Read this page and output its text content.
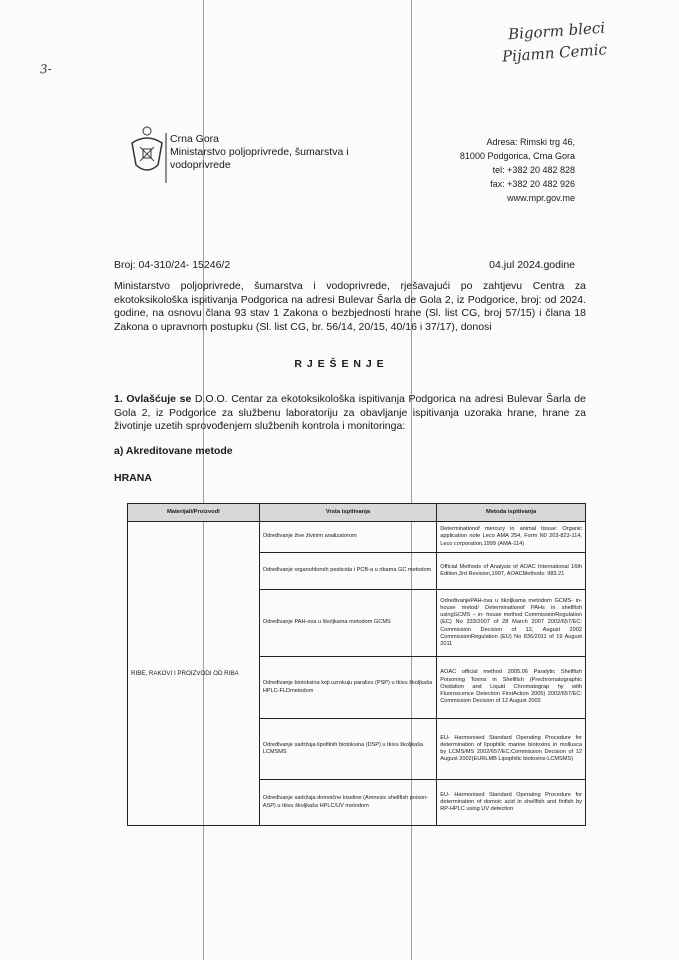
3-
Bigorm bleci
Pijamn Cemic
Crna Gora
Ministarstvo poljoprivrede, šumarstva i
vodoprivrede
Adresa: Rimski trg 46,
81000 Podgorica, Crna Gora
tel: +382 20 482 828
fax: +382 20 482 926
www.mpr.gov.me
Broj: 04-310/24- 15246/2	04.jul 2024.godine
Ministarstvo poljoprivrede, šumarstva i vodoprivrede, rješavajući po zahtjevu Centra za ekotoksikološka ispitivanja Podgorica na adresi Bulevar Šarla de Gola 2, iz Podgorice, broj: od 2024. godine, na osnovu člana 93 stav 1 Zakona o bezbjednosti hrane (Sl. list CG, broj 57/15) i člana 18 Zakona o upravnom postupku (Sl. list CG, br. 56/14, 20/15, 40/16 i 37/17), donosi
R J E Š E N J E
1. Ovlašćuje se D.O.O. Centar za ekotoksikološka ispitivanja Podgorica na adresi Bulevar Šarla de Gola 2, iz Podgorice za službenu laboratoriju za obavljanje ispitivanja uzoraka hrane, hrane za životinje uzetih sprovođenjem službenih kontrola i monitoringa:
a) Akreditovane metode
HRANA
Materijali/Proizvodi	Vrsta ispitivanja	Metoda ispitivanja
RIBE, RAKOVI I PROIZVODI OD RIBA	Određivanje žive živinim analizatorom	Determinationof mercury in animal tissue: Organic application note Leco AMA 254, Form N0 203-823-114, Leco corporation,1999 (AMA-114)
	Određivanje organohlornih pesticida i PCB-a u ribama GC metodom	Official Methods of Analysis of AOAC International 16th Edition,3rd Revision,1997, AOACMethods: 983.21
	Određivanje PAH-ova u školjkama metodom GCMS	OdređivanjePAH-ova u školjkama metodom GCMS- in- house metod/ Determinationof PAHs in shellfish usingGCMS – in- house method CommissionRegulation (EC) No 333/2007 of 28 March 2007 2002/657/EC: Commission Decision of 12, August 2002 CommissionRegulation (EU) No 836/2011 of 19 August 2011
	Određivanje biotoksina koji uzrokuju paralizu (PSP) u tkivu školjkaša HPLC-FLDmetodom	AOAC official method 2005.06 Paralytic Shellfish Poisoning Toxins in Shellfish (Prechromatographic Oxidation and Liquid Chromatograp hy with Fluoroscence Detection FirstAction 2005) 2002/657/EC: Commission Decision of 12 August 2002
	Određivanje sadržaja lipofilnih biotoksina (DSP) u tkivu školjkaša LCMSMS	EU- Harmonised Standard Operating Procedure for determination of lipophilic marine biotoxins in mollusca by LCMS/MS 2002/657/EC:Commission Decision of 12 August 2002(EURLMB Lipophilic biotoxins-LCMSMS)
	Određivanje sadržaja domoične kiseline (Amnesic shellfish poison-ASP) u tkivu školjkaša HPLC/UV metodom	EU- Harmonised Standard Operating Procedure for determination of domoic acid in shellfish and finfish by RP-HPLC using UV detection
